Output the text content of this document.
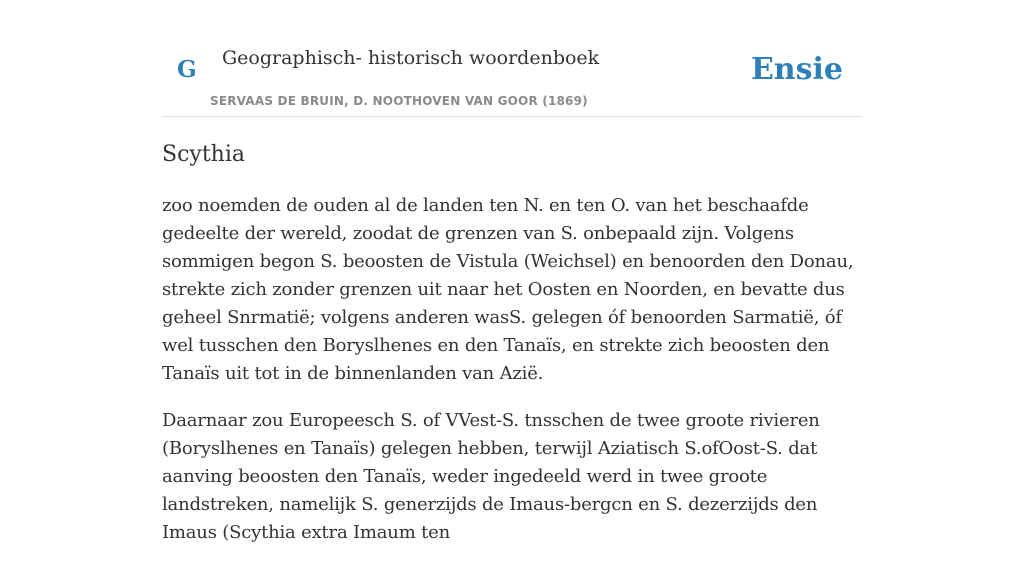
G Geographisch- historisch woordenboek
SERVAAS DE BRUIN, D. NOOTHOVEN VAN GOOR (1869)
Ensie
Scythia

zoo noemden de ouden al de landen ten N. en ten O. van het beschaafde gedeelte der wereld, zoodat de grenzen van S. onbepaald zijn. Volgens sommigen begon S. beoosten de Vistula (Weichsel) en benoorden den Donau, strekte zich zonder grenzen uit naar het Oosten en Noorden, en bevatte dus geheel Snrmatië; volgens anderen wasS. gelegen óf benoorden Sarmatië, óf wel tusschen den Boryslhenes en den Tanaïs, en strekte zich beoosten den Tanaïs uit tot in de binnenlanden van Azië.

Daarnaar zou Europeesch S. of VVest-S. tnsschen de twee groote rivieren (Boryslhenes en Tanaïs) gelegen hebben, terwijl Aziatisch S.ofOost-S. dat aanving beoosten den Tanaïs, weder ingedeeld werd in twee groote landstreken, namelijk S. generzijds de Imaus-bergcn en S. dezerzijds den Imaus (Scythia extra Imaum ten
